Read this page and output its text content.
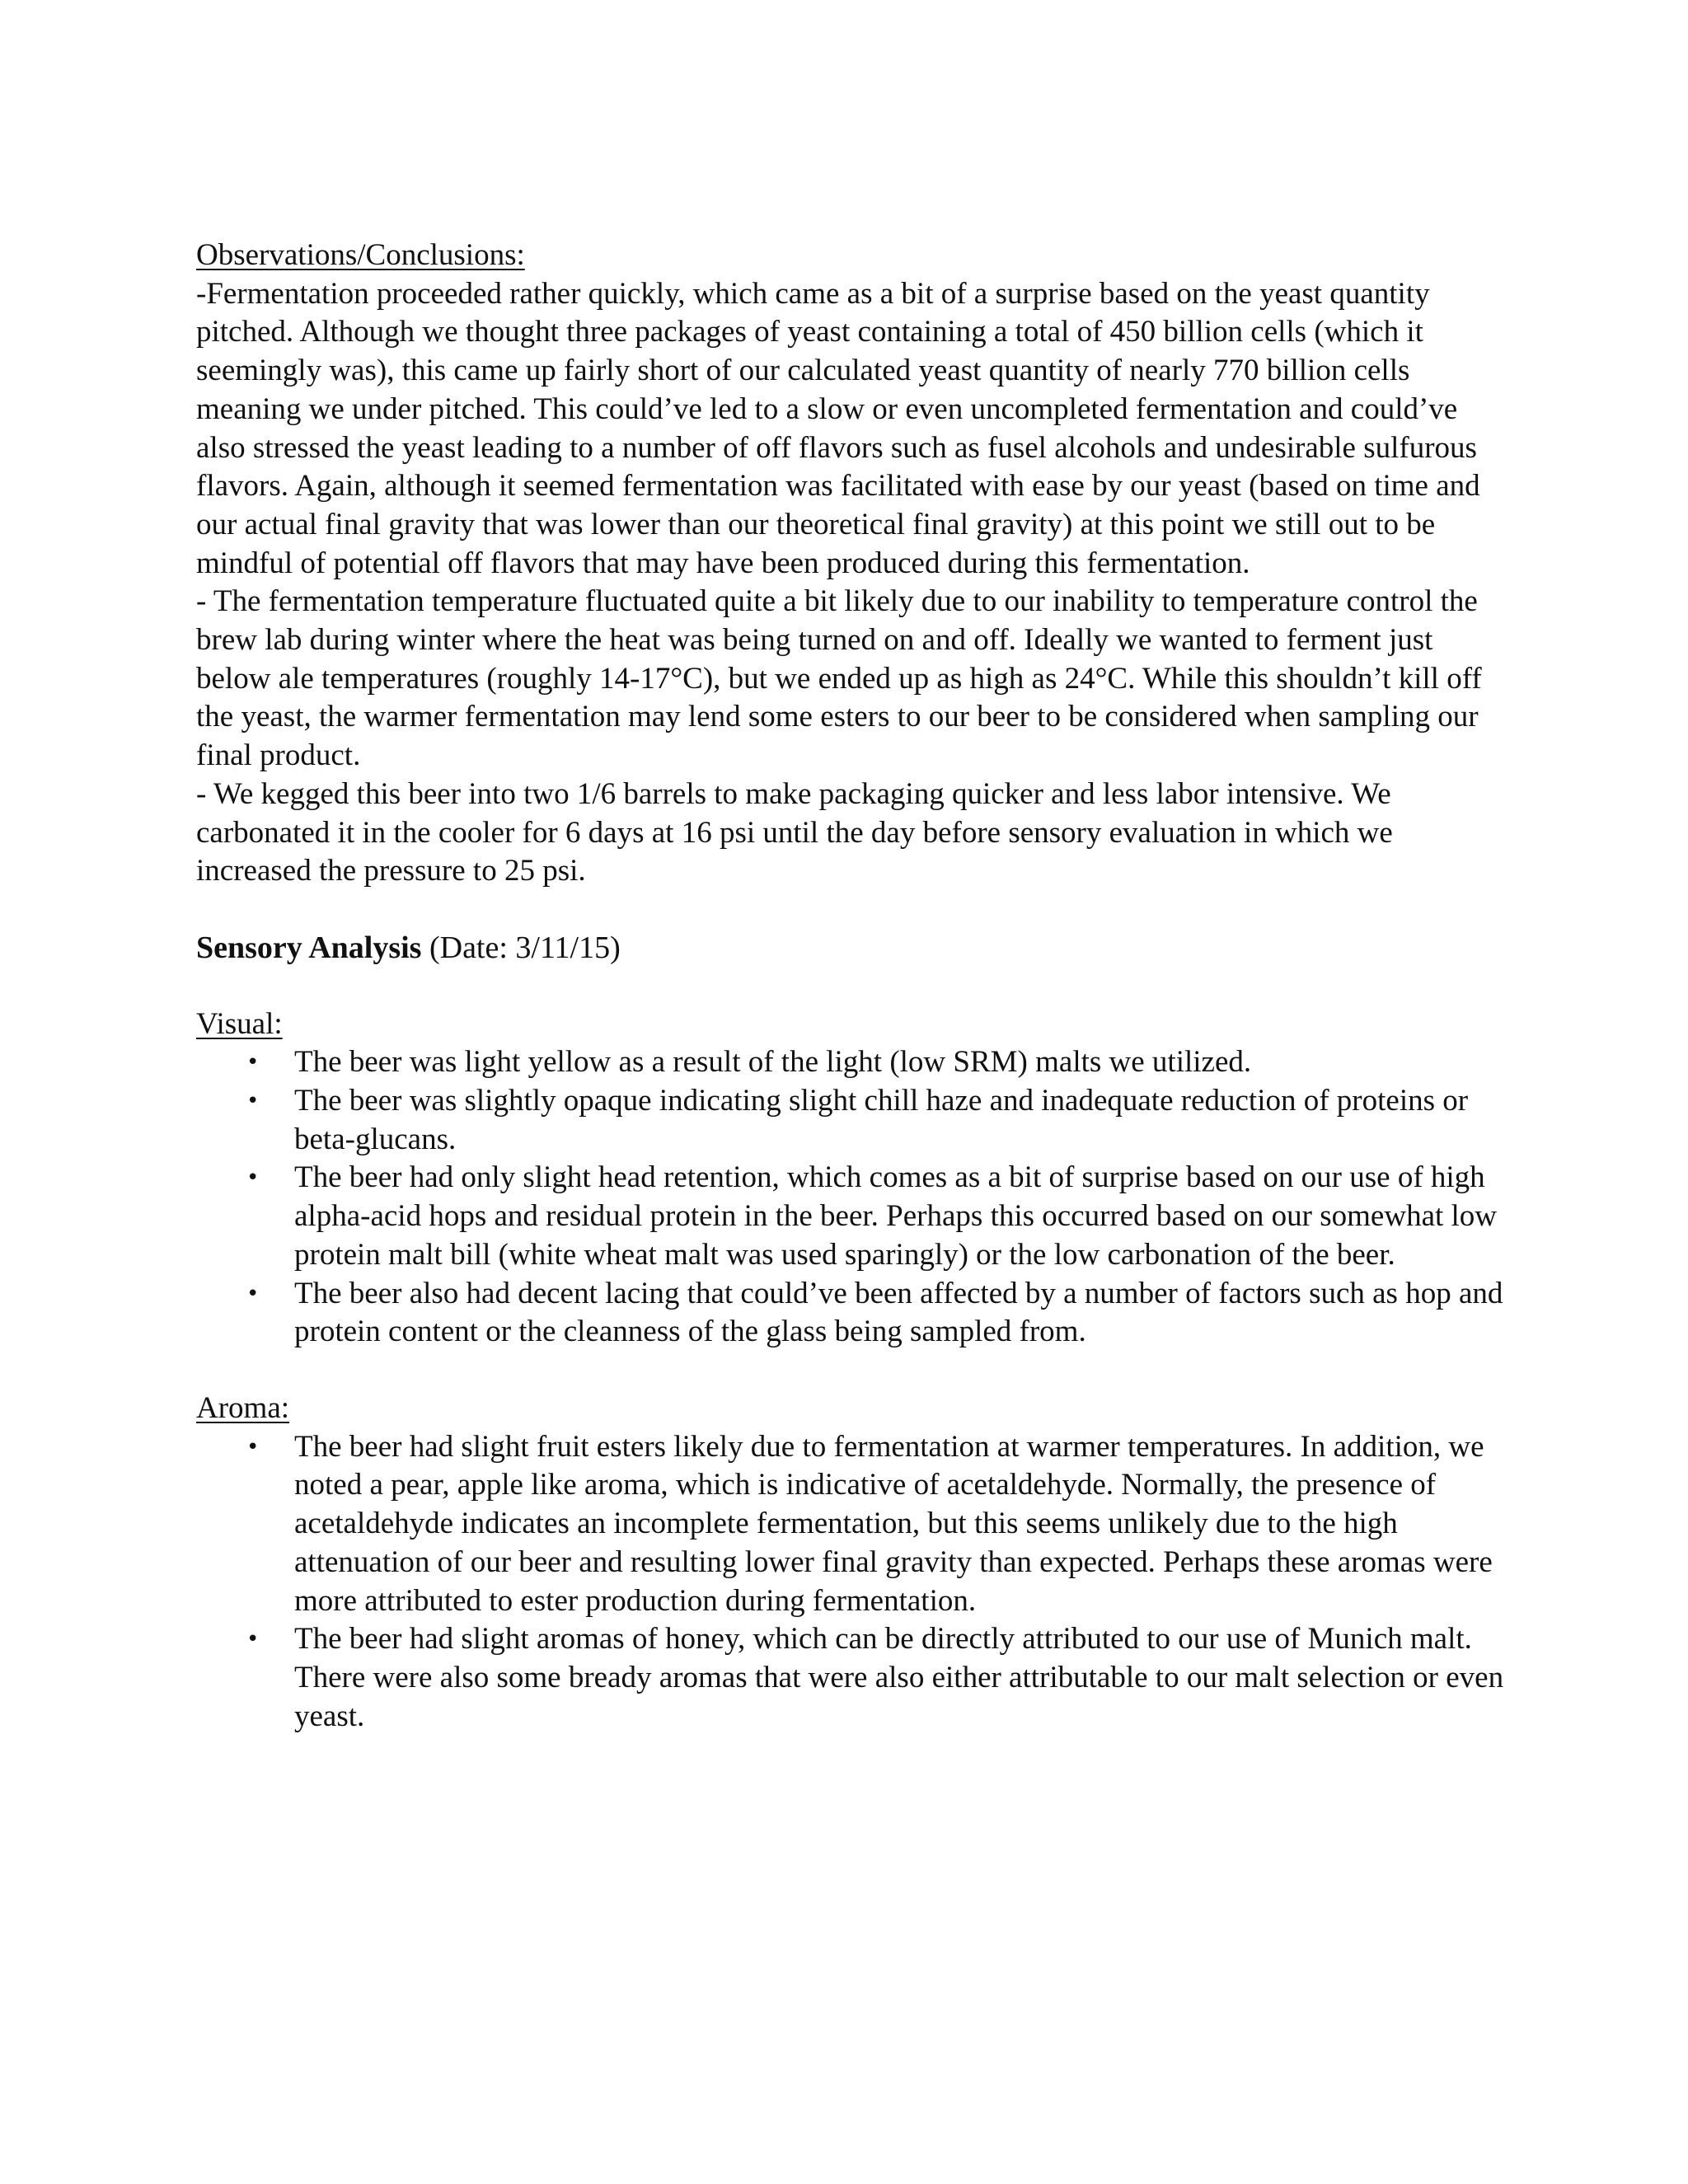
Observations/Conclusions:

-Fermentation proceeded rather quickly, which came as a bit of a surprise based on the yeast quantity pitched. Although we thought three packages of yeast containing a total of 450 billion cells (which it seemingly was), this came up fairly short of our calculated yeast quantity of nearly 770 billion cells meaning we under pitched. This could’ve led to a slow or even uncompleted fermentation and could’ve also stressed the yeast leading to a number of off flavors such as fusel alcohols and undesirable sulfurous flavors. Again, although it seemed fermentation was facilitated with ease by our yeast (based on time and our actual final gravity that was lower than our theoretical final gravity) at this point we still out to be mindful of potential off flavors that may have been produced during this fermentation.

- The fermentation temperature fluctuated quite a bit likely due to our inability to temperature control the brew lab during winter where the heat was being turned on and off. Ideally we wanted to ferment just below ale temperatures (roughly 14-17°C), but we ended up as high as 24°C. While this shouldn’t kill off the yeast, the warmer fermentation may lend some esters to our beer to be considered when sampling our final product.

- We kegged this beer into two 1/6 barrels to make packaging quicker and less labor intensive. We carbonated it in the cooler for 6 days at 16 psi until the day before sensory evaluation in which we increased the pressure to 25 psi.

Sensory Analysis (Date: 3/11/15)

Visual:

• The beer was light yellow as a result of the light (low SRM) malts we utilized.
• The beer was slightly opaque indicating slight chill haze and inadequate reduction of proteins or beta-glucans.
• The beer had only slight head retention, which comes as a bit of surprise based on our use of high alpha-acid hops and residual protein in the beer. Perhaps this occurred based on our somewhat low protein malt bill (white wheat malt was used sparingly) or the low carbonation of the beer.
• The beer also had decent lacing that could’ve been affected by a number of factors such as hop and protein content or the cleanness of the glass being sampled from.

Aroma:

• The beer had slight fruit esters likely due to fermentation at warmer temperatures. In addition, we noted a pear, apple like aroma, which is indicative of acetaldehyde. Normally, the presence of acetaldehyde indicates an incomplete fermentation, but this seems unlikely due to the high attenuation of our beer and resulting lower final gravity than expected. Perhaps these aromas were more attributed to ester production during fermentation.
• The beer had slight aromas of honey, which can be directly attributed to our use of Munich malt. There were also some bready aromas that were also either attributable to our malt selection or even yeast.
